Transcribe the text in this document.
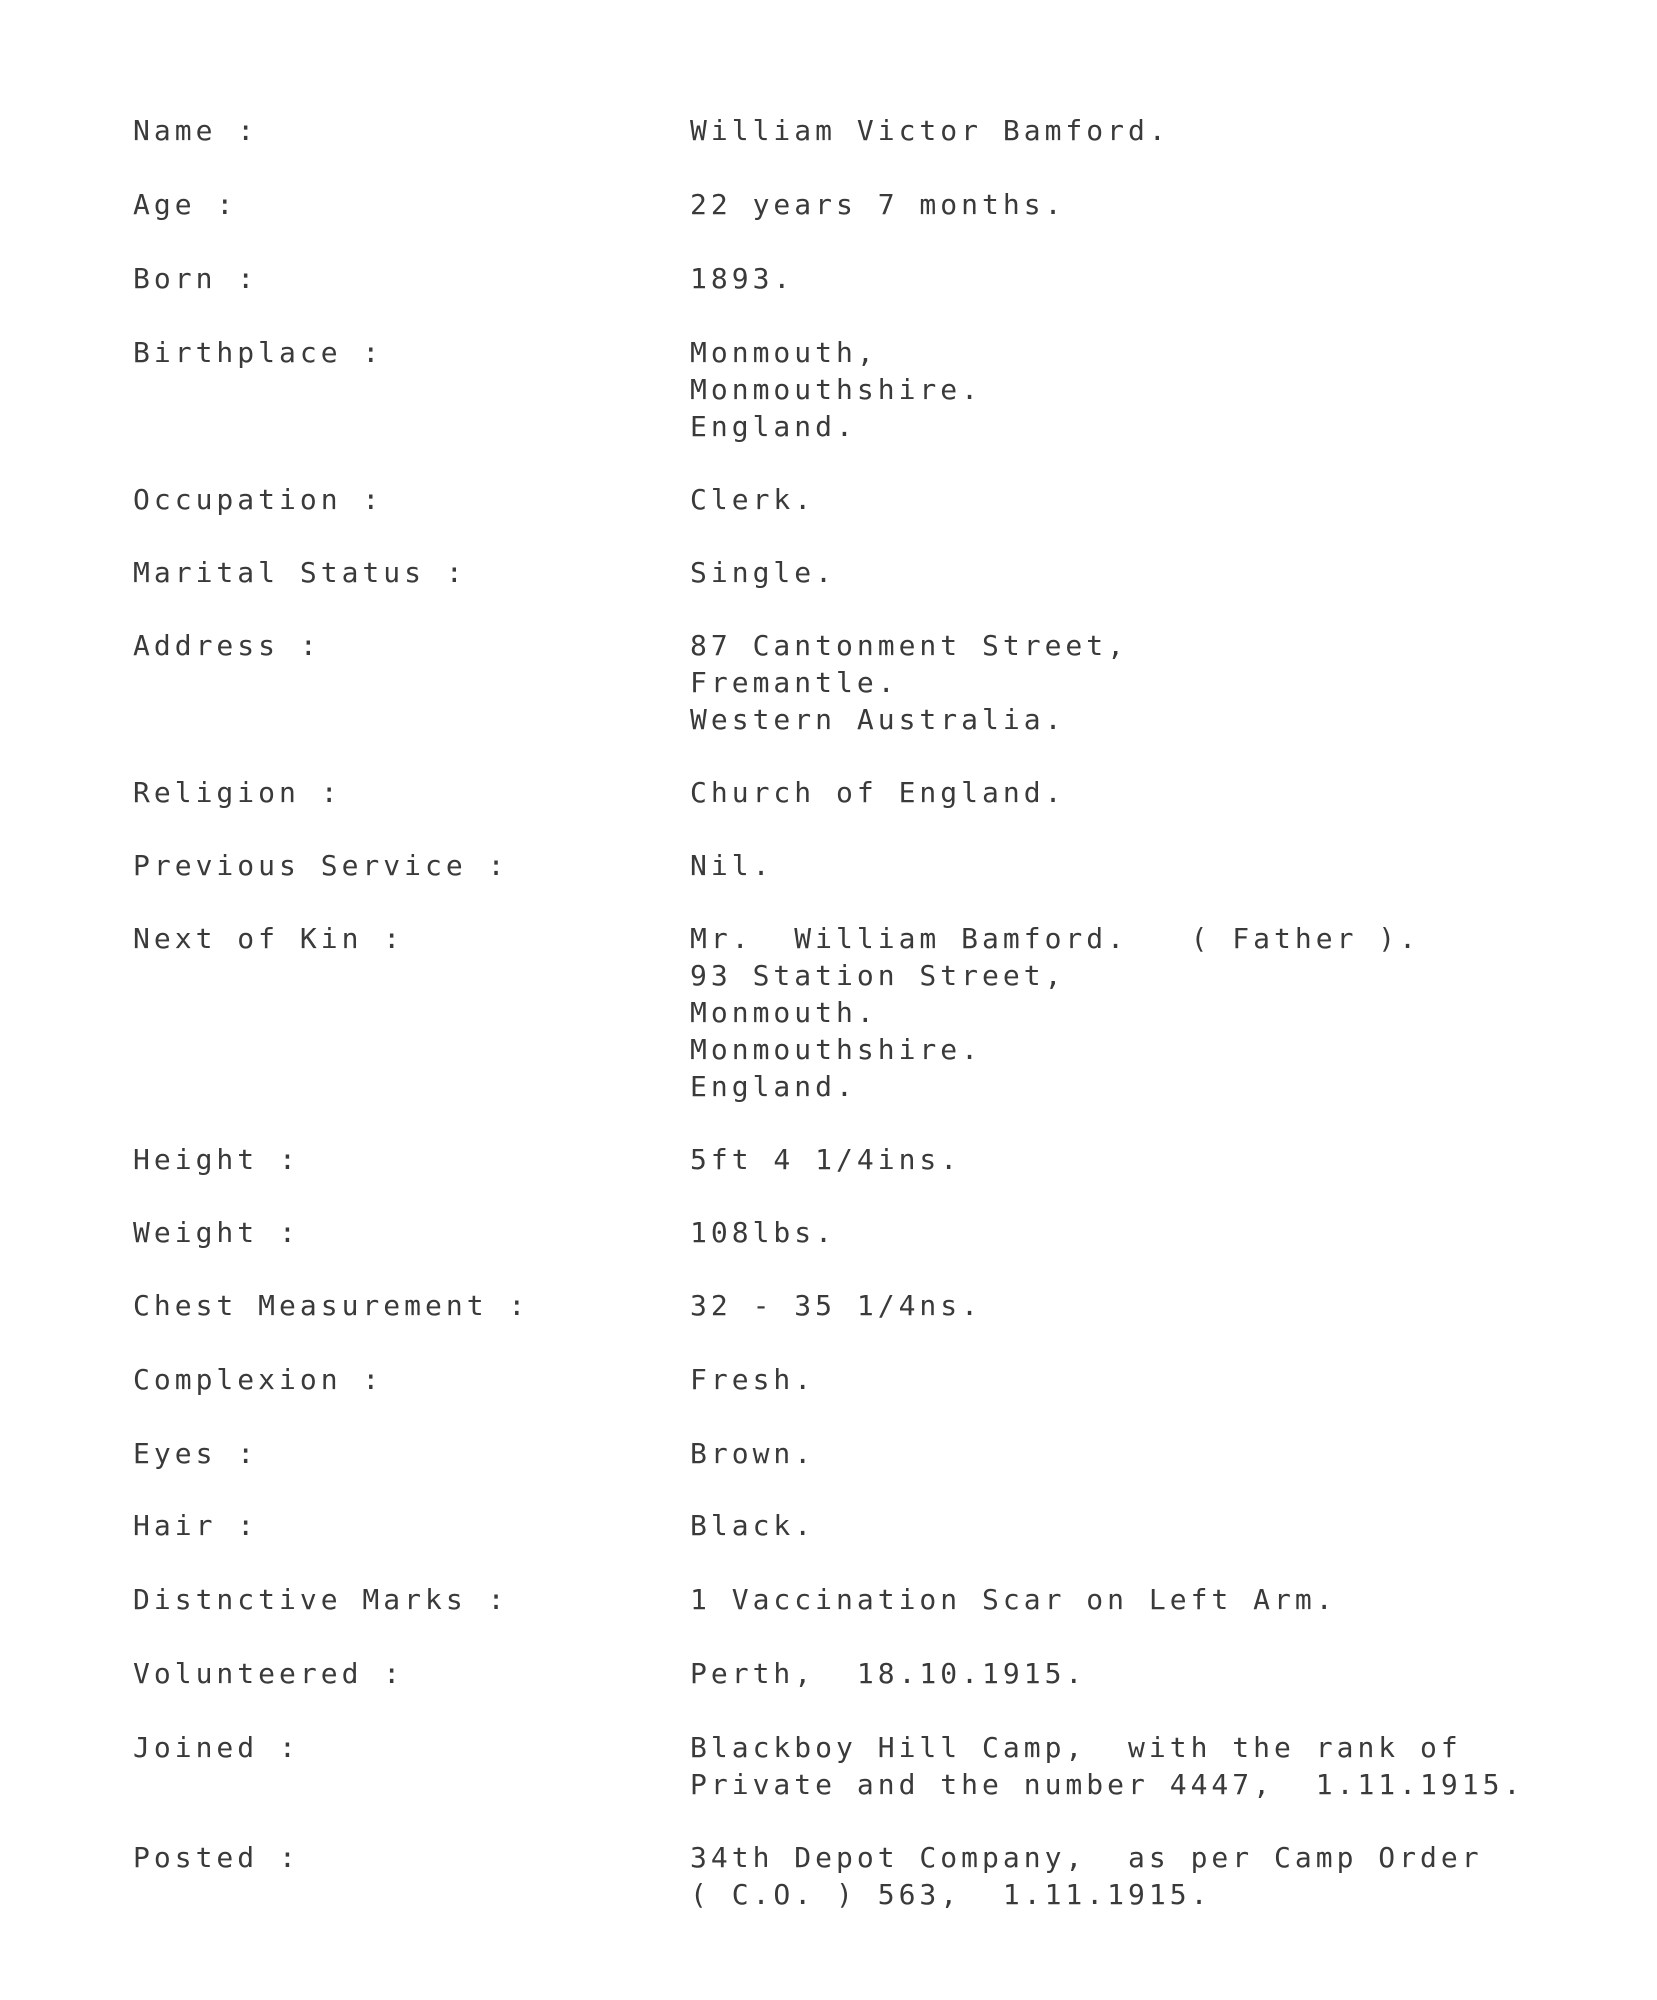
Name :	William Victor Bamford.
Age :	22 years 7 months.
Born :	1893.
Birthplace :	Monmouth,
Monmouthshire.
England.
Occupation :	Clerk.
Marital Status :	Single.
Address :	87 Cantonment Street,
Fremantle.
Western Australia.
Religion :	Church of England.
Previous Service :	Nil.
Next of Kin :	Mr.  William Bamford.   ( Father ).
93 Station Street,
Monmouth.
Monmouthshire.
England.
Height :	5ft 4 1/4ins.
Weight :	108lbs.
Chest Measurement :	32 - 35 1/4ns.
Complexion :	Fresh.
Eyes :	Brown.
Hair :	Black.
Distnctive Marks :	1 Vaccination Scar on Left Arm.
Volunteered :	Perth,  18.10.1915.
Joined :	Blackboy Hill Camp,  with the rank of
Private and the number 4447,  1.11.1915.
Posted :	34th Depot Company,  as per Camp Order
( C.O. ) 563,  1.11.1915.
